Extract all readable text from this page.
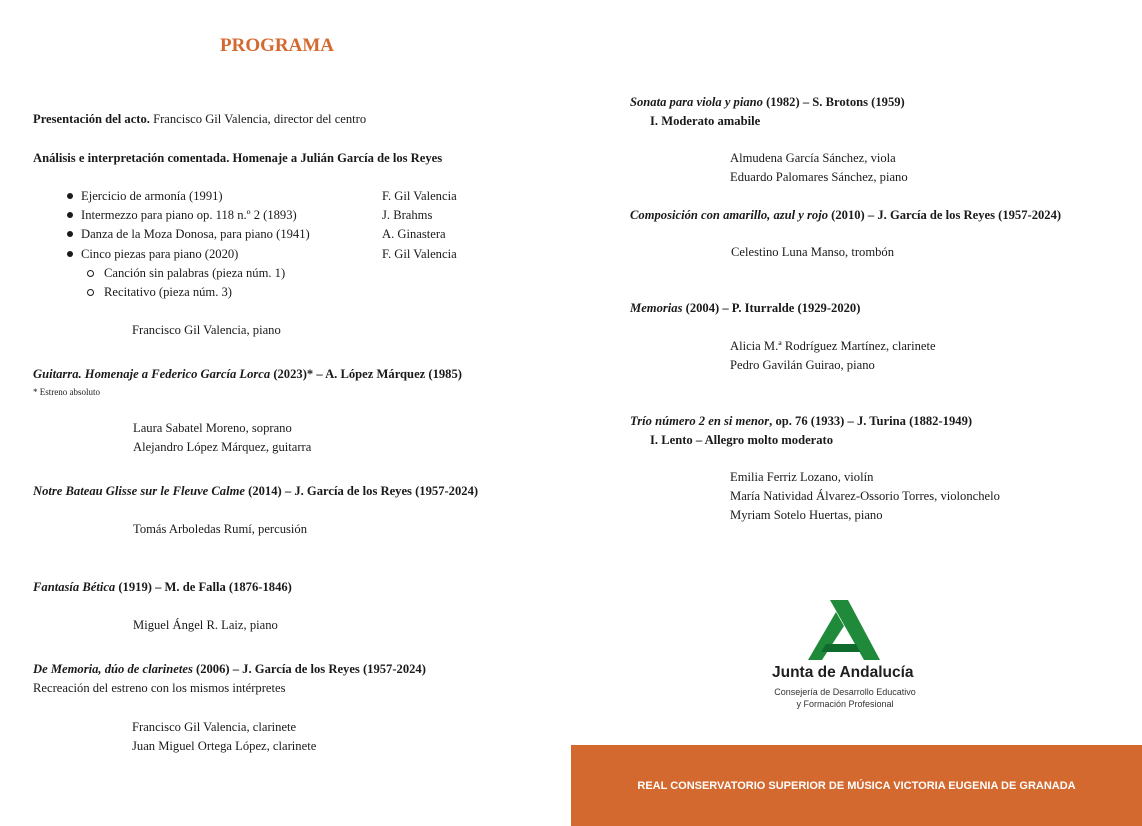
PROGRAMA
Presentación del acto. Francisco Gil Valencia, director del centro
Análisis e interpretación comentada. Homenaje a Julián García de los Reyes
Ejercicio de armonía (1991)	F. Gil Valencia
Intermezzo para piano op. 118 n.º 2 (1893)	J. Brahms
Danza de la Moza Donosa, para piano (1941)	A. Ginastera
Cinco piezas para piano (2020)	F. Gil Valencia
Canción sin palabras (pieza núm. 1)
Recitativo (pieza núm. 3)
Francisco Gil Valencia, piano
Guitarra. Homenaje a Federico García Lorca (2023)* – A. López Márquez (1985)
* Estreno absoluto
Laura Sabatel Moreno, soprano
Alejandro López Márquez, guitarra
Notre Bateau Glisse sur le Fleuve Calme (2014) – J. García de los Reyes (1957-2024)
Tomás Arboledas Rumí, percusión
Fantasía Bética (1919) – M. de Falla (1876-1846)
Miguel Ángel R. Laiz, piano
De Memoria, dúo de clarinetes (2006) – J. García de los Reyes (1957-2024)
Recreación del estreno con los mismos intérpretes
Francisco Gil Valencia, clarinete
Juan Miguel Ortega López, clarinete
Sonata para viola y piano (1982) – S. Brotons (1959)
I. Moderato amabile
Almudena García Sánchez, viola
Eduardo Palomares Sánchez, piano
Composición con amarillo, azul y rojo (2010) – J. García de los Reyes (1957-2024)
Celestino Luna Manso, trombón
Memorias (2004) – P. Iturralde (1929-2020)
Alicia M.ª Rodríguez Martínez, clarinete
Pedro Gavilán Guirao, piano
Trío número 2 en si menor, op. 76 (1933) – J. Turina (1882-1949)
I. Lento – Allegro molto moderato
Emilia Ferriz Lozano, violín
María Natividad Álvarez-Ossorio Torres, violonchelo
Myriam Sotelo Huertas, piano
Junta de Andalucía
Consejería de Desarrollo Educativo
y Formación Profesional
REAL CONSERVATORIO SUPERIOR DE MÚSICA VICTORIA EUGENIA DE GRANADA
